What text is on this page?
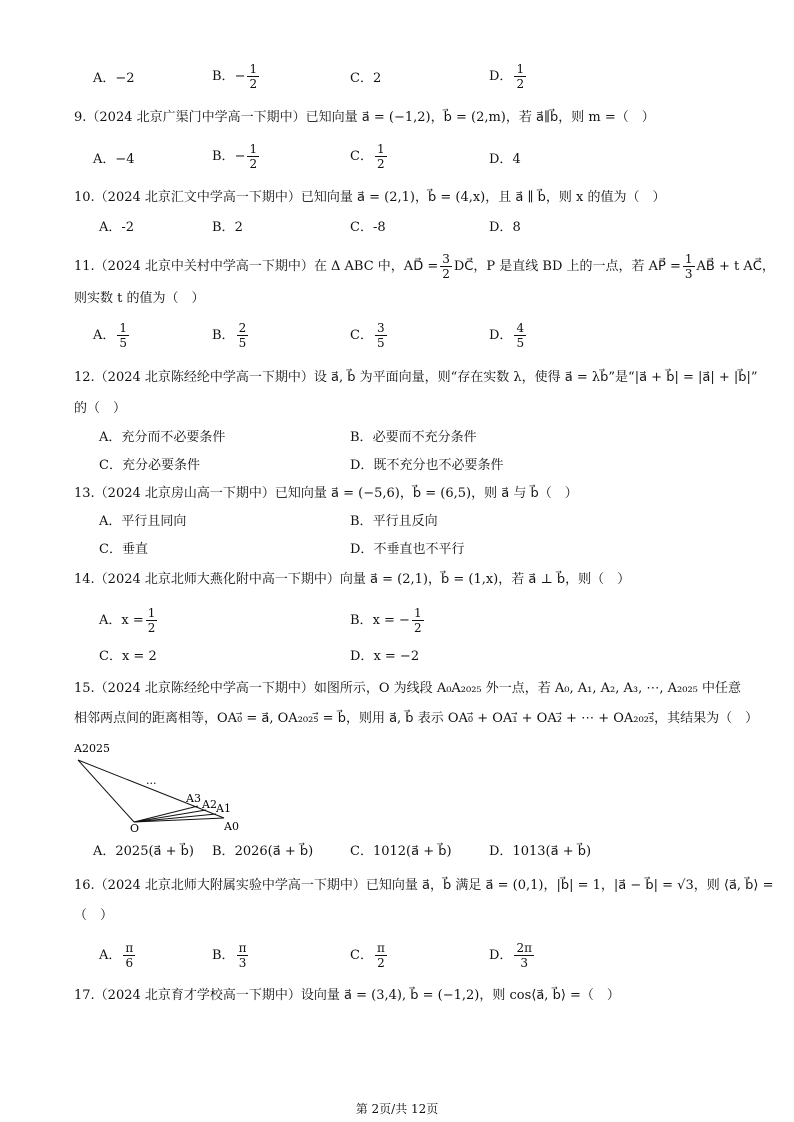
A．−2	B．− $\frac{1}{2}$	C．2	D． $\frac{1}{2}$
9.（2024 北京广渠门中学高一下期中）已知向量 a⃗ = (−1,2)，b⃗ = (2,m)，若 a⃗∥b⃗，则 m =（　）
A．−4	B．− $\frac{1}{2}$	C． $\frac{1}{2}$	D．4
10.（2024 北京汇文中学高一下期中）已知向量 a⃗ = (2,1)，b⃗ = (4,x)，且 a⃗ ∥ b⃗，则 x 的值为（　）
A．-2	B．2	C．-8	D．8
11.（2024 北京中关村中学高一下期中）在 Δ ABC 中，AD⃗ = $\frac{3}{2}$ DC⃗，P 是直线 BD 上的一点，若 AP⃗ = $\frac{1}{3}$ AB⃗ + t AC⃗，
则实数 t 的值为（　）
A． $\frac{1}{5}$	B． $\frac{2}{5}$	C． $\frac{3}{5}$	D． $\frac{4}{5}$
12.（2024 北京陈经纶中学高一下期中）设 a⃗, b⃗ 为平面向量，则“存在实数 λ，使得 a⃗ = λb⃗”是“|a⃗ + b⃗| = |a⃗| + |b⃗|”
的（　）
A．充分而不必要条件	B．必要而不充分条件
C．充分必要条件	D．既不充分也不必要条件
13.（2024 北京房山高一下期中）已知向量 a⃗ = (−5,6)，b⃗ = (6,5)，则 a⃗ 与 b⃗（　）
A．平行且同向	B．平行且反向
C．垂直	D．不垂直也不平行
14.（2024 北京北师大燕化附中高一下期中）向量 a⃗ = (2,1)，b⃗ = (1,x)，若 a⃗ ⊥ b⃗，则（　）
A．$x = \frac{1}{2}$	B．x = − $\frac{1}{2}$
C．x = 2	D．x = −2
15.（2024 北京陈经纶中学高一下期中）如图所示，O 为线段 A₀A₂₀₂₅ 外一点，若 A₀, A₁, A₂, A₃, ⋯, A₂₀₂₅ 中任意
相邻两点间的距离相等，OA₀⃗ = a⃗, OA₂₀₂₅⃗ = b⃗，则用 a⃗, b⃗ 表示 OA₀⃗ + OA₁⃗ + OA₂⃗ + ⋯ + OA₂₀₂₅⃗，其结果为（　）
A2025
...
A3 A2 A1
O	A0
A．2025(a⃗ + b⃗) B．2026(a⃗ + b⃗)	C．1012(a⃗ + b⃗)	D．1013(a⃗ + b⃗)
16.（2024 北京北师大附属实验中学高一下期中）已知向量 a⃗，b⃗ 满足 a⃗ = (0,1)，|b⃗| = 1，|a⃗ − b⃗| = √3，则 ⟨a⃗, b⃗⟩ =
（　）
A． $\frac{\pi}{6}$	B． $\frac{\pi}{3}$	C． $\frac{\pi}{2}$	D． $\frac{2\pi}{3}$
17.（2024 北京育才学校高一下期中）设向量 a⃗ = (3,4), b⃗ = (−1,2)，则 cos⟨a⃗, b⃗⟩ =（　）
第 2页/共 12页
